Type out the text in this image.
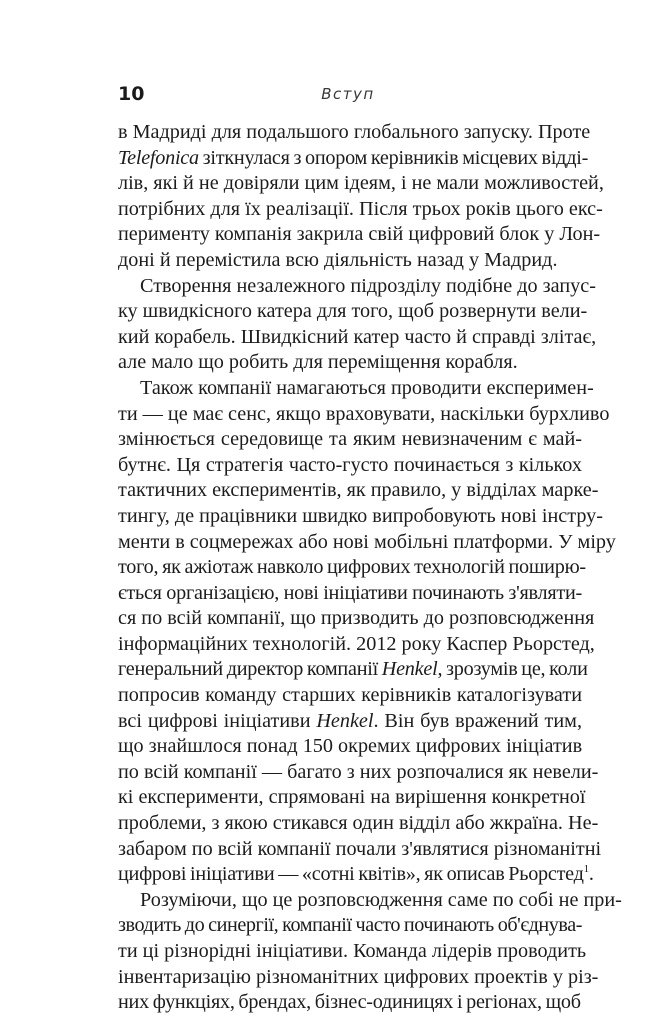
10	Вступ
в Мадриді для подальшого глобального запуску. Проте
Telefonica зіткнулася з опором керівників місцевих відді-
лів, які й не довіряли цим ідеям, і не мали можливостей,
потрібних для їх реалізації. Після трьох років цього екс-
перименту компанія закрила свій цифровий блок у Лон-
доні й перемістила всю діяльність назад у Мадрид.
Створення незалежного підрозділу подібне до запус-
ку швидкісного катера для того, щоб розвернути вели-
кий корабель. Швидкісний катер часто й справді злітає,
але мало що робить для переміщення корабля.
Також компанії намагаються проводити експеримен-
ти — це має сенс, якщо враховувати, наскільки бурхливо
змінюється середовище та яким невизначеним є май-
бутнє. Ця стратегія часто-густо починається з кількох
тактичних експериментів, як правило, у відділах марке-
тингу, де працівники швидко випробовують нові інстру-
менти в соцмережах або нові мобільні платформи. У міру
того, як ажіотаж навколо цифрових технологій поширю-
ється організацією, нові ініціативи починають з'являти-
ся по всій компанії, що призводить до розповсюдження
інформаційних технологій. 2012 року Каспер Рьорстед,
генеральний директор компанії Henkel, зрозумів це, коли
попросив команду старших керівників каталогізувати
всі цифрові ініціативи Henkel. Він був вражений тим,
що знайшлося понад 150 окремих цифрових ініціатив
по всій компанії — багато з них розпочалися як невели-
кі експерименти, спрямовані на вирішення конкретної
проблеми, з якою стикався один відділ або жкраїна. Не-
забаром по всій компанії почали з'являтися різноманітні
цифрові ініціативи — «сотні квітів», як описав Рьорстед$^1$.
Розуміючи, що це розповсюдження саме по собі не при-
зводить до синергії, компанії часто починають об'єднува-
ти ці різнорідні ініціативи. Команда лідерів проводить
інвентаризацію різноманітних цифрових проектів у різ-
них функціях, брендах, бізнес-одиницях і регіонах, щоб
